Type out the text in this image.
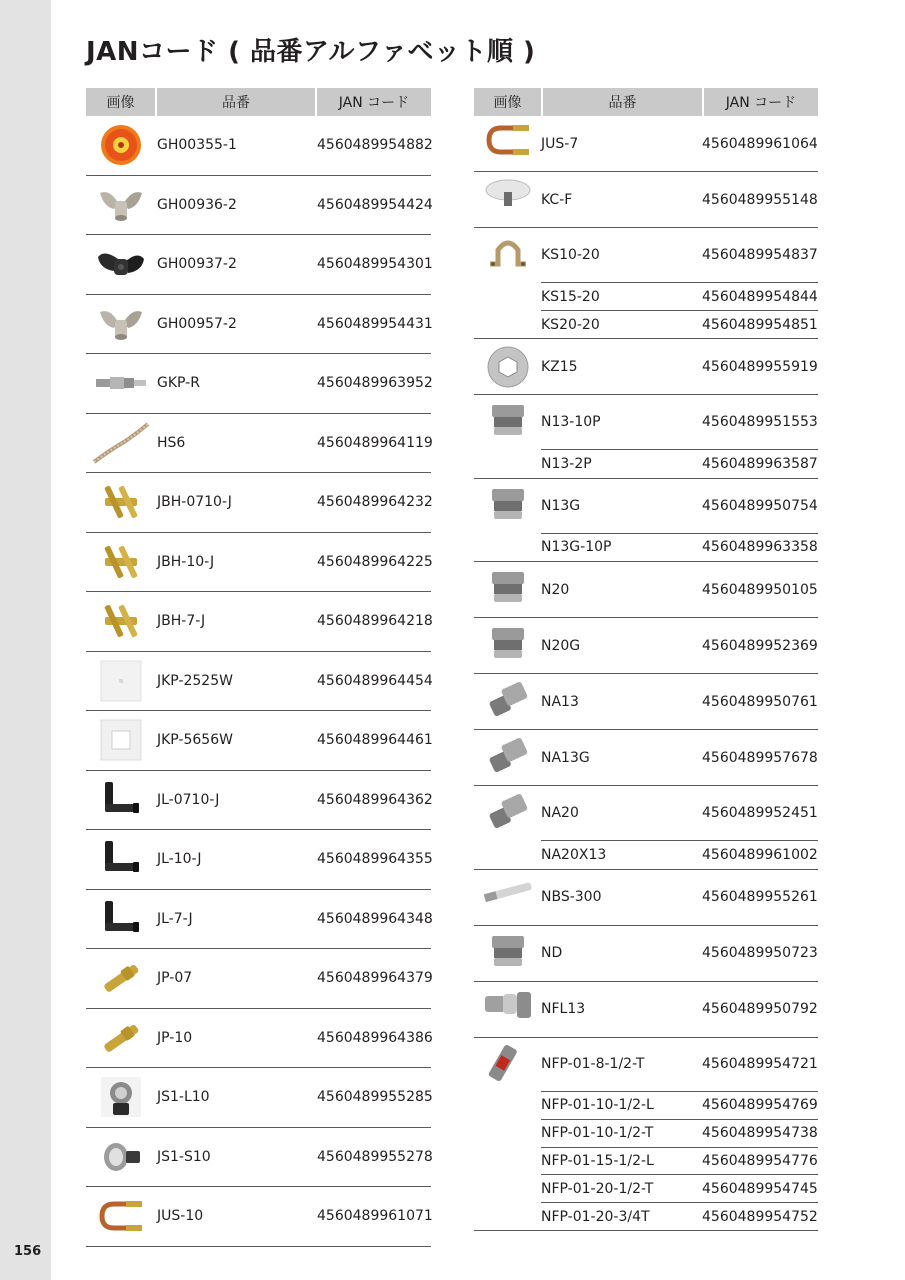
JANコード ( 品番アルファベット順 )
156
画像	品番	JAN コード
GH00355-1	4560489954882
GH00936-2	4560489954424
GH00937-2	4560489954301
GH00957-2	4560489954431
GKP-R	4560489963952
HS6	4560489964119
JBH-0710-J	4560489964232
JBH-10-J	4560489964225
JBH-7-J	4560489964218
JKP-2525W	4560489964454
JKP-5656W	4560489964461
JL-0710-J	4560489964362
JL-10-J	4560489964355
JL-7-J	4560489964348
JP-07	4560489964379
JP-10	4560489964386
JS1-L10	4560489955285
JS1-S10	4560489955278
JUS-10	4560489961071
画像	品番	JAN コード
JUS-7	4560489961064
KC-F	4560489955148
KS10-20	4560489954837
KS15-20	4560489954844
KS20-20	4560489954851
KZ15	4560489955919
N13-10P	4560489951553
N13-2P	4560489963587
N13G	4560489950754
N13G-10P	4560489963358
N20	4560489950105
N20G	4560489952369
NA13	4560489950761
NA13G	4560489957678
NA20	4560489952451
NA20X13	4560489961002
NBS-300	4560489955261
ND	4560489950723
NFL13	4560489950792
NFP-01-8-1/2-T	4560489954721
NFP-01-10-1/2-L	4560489954769
NFP-01-10-1/2-T	4560489954738
NFP-01-15-1/2-L	4560489954776
NFP-01-20-1/2-T	4560489954745
NFP-01-20-3/4T	4560489954752
